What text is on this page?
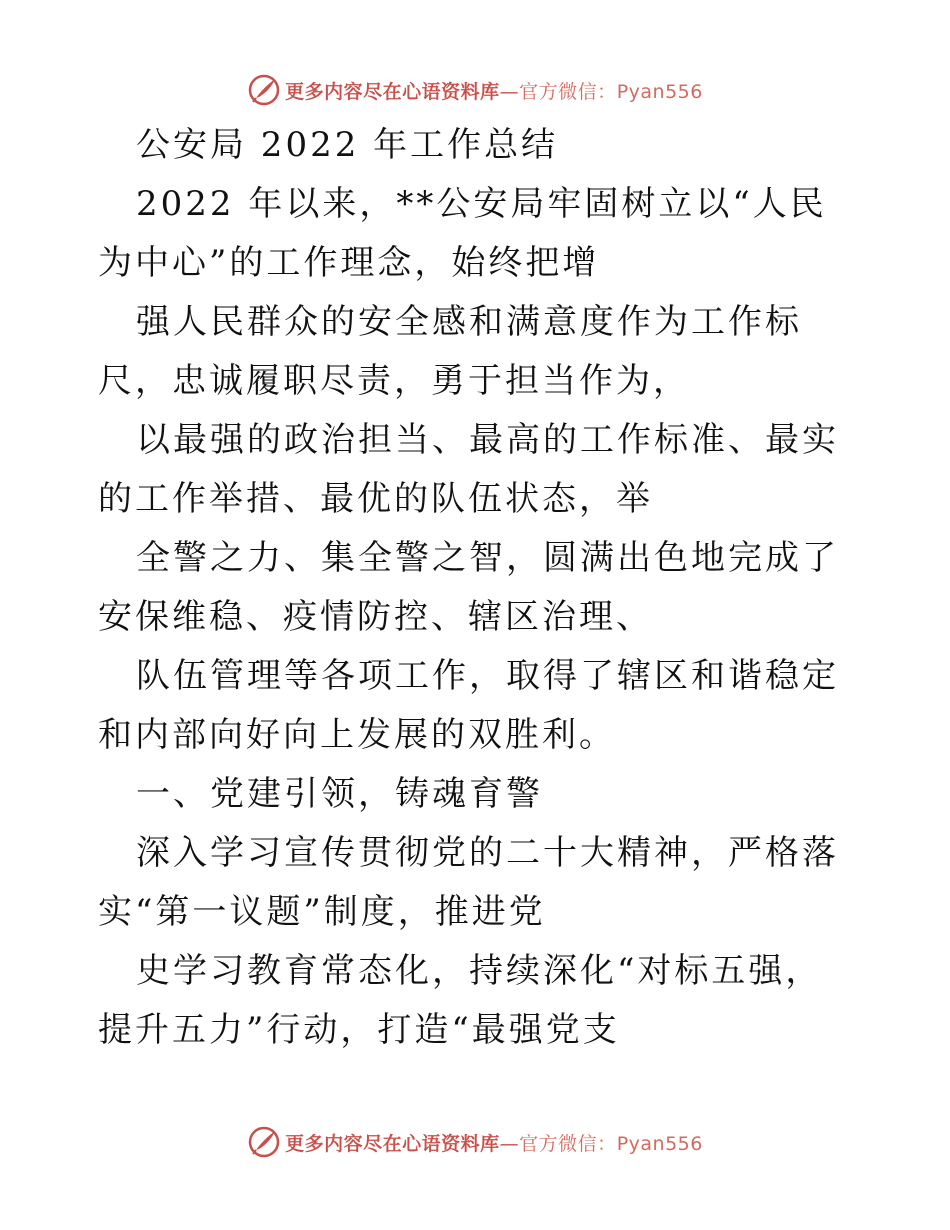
更多内容尽在心语资料库—官方微信：Pyan556

公安局 2022 年工作总结

2022 年以来，**公安局牢固树立以“人民为中心”的工作理念，始终把增

强人民群众的安全感和满意度作为工作标尺，忠诚履职尽责，勇于担当作为，

以最强的政治担当、最高的工作标准、最实的工作举措、最优的队伍状态，举

全警之力、集全警之智，圆满出色地完成了安保维稳、疫情防控、辖区治理、

队伍管理等各项工作，取得了辖区和谐稳定和内部向好向上发展的双胜利。

一、党建引领，铸魂育警

深入学习宣传贯彻党的二十大精神，严格落实“第一议题”制度，推进党

史学习教育常态化，持续深化“对标五强，提升五力”行动，打造“最强党支

更多内容尽在心语资料库—官方微信：Pyan556
